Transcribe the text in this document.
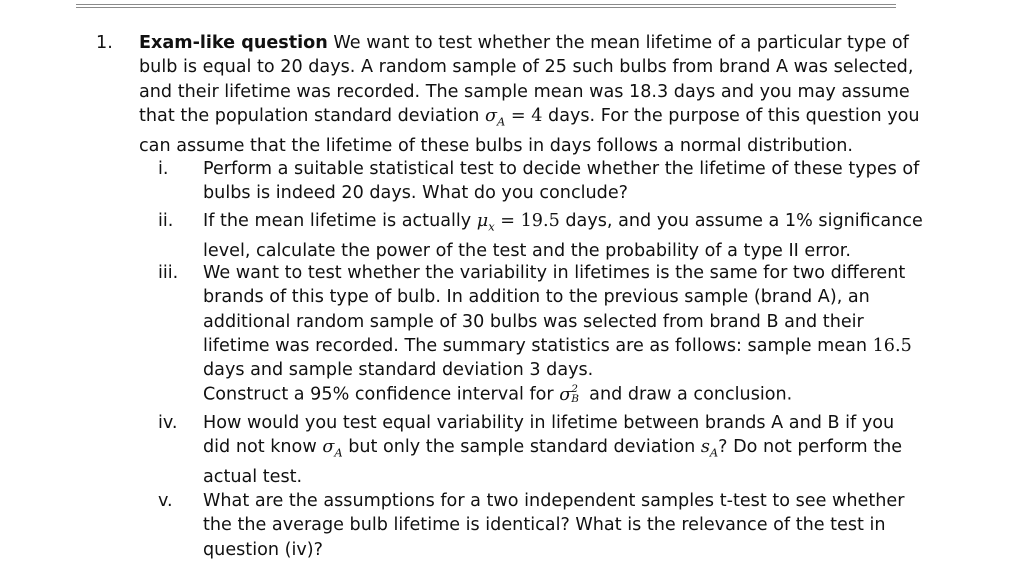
1. Exam-like question We want to test whether the mean lifetime of a particular type of
bulb is equal to 20 days. A random sample of 25 such bulbs from brand A was selected,
and their lifetime was recorded. The sample mean was 18.3 days and you may assume
that the population standard deviation $\sigma_A = 4$ days. For the purpose of this question you
can assume that the lifetime of these bulbs in days follows a normal distribution.
i.	Perform a suitable statistical test to decide whether the lifetime of these types of
bulbs is indeed 20 days. What do you conclude?
ii.	If the mean lifetime is actually $\mu_x = 19.5$ days, and you assume a 1% significance
level, calculate the power of the test and the probability of a type II error.
iii.	We want to test whether the variability in lifetimes is the same for two different
brands of this type of bulb. In addition to the previous sample (brand A), an
additional random sample of 30 bulbs was selected from brand B and their
lifetime was recorded. The summary statistics are as follows: sample mean 16.5
days and sample standard deviation 3 days.
Construct a 95% confidence interval for σ 2
B and draw a conclusion.
iv.	How would you test equal variability in lifetime between brands A and B if you
did not know $\sigma_A$ but only the sample standard deviation $s_A$? Do not perform the
actual test.
v.	What are the assumptions for a two independent samples t-test to see whether
the the average bulb lifetime is identical? What is the relevance of the test in
question (iv)?
